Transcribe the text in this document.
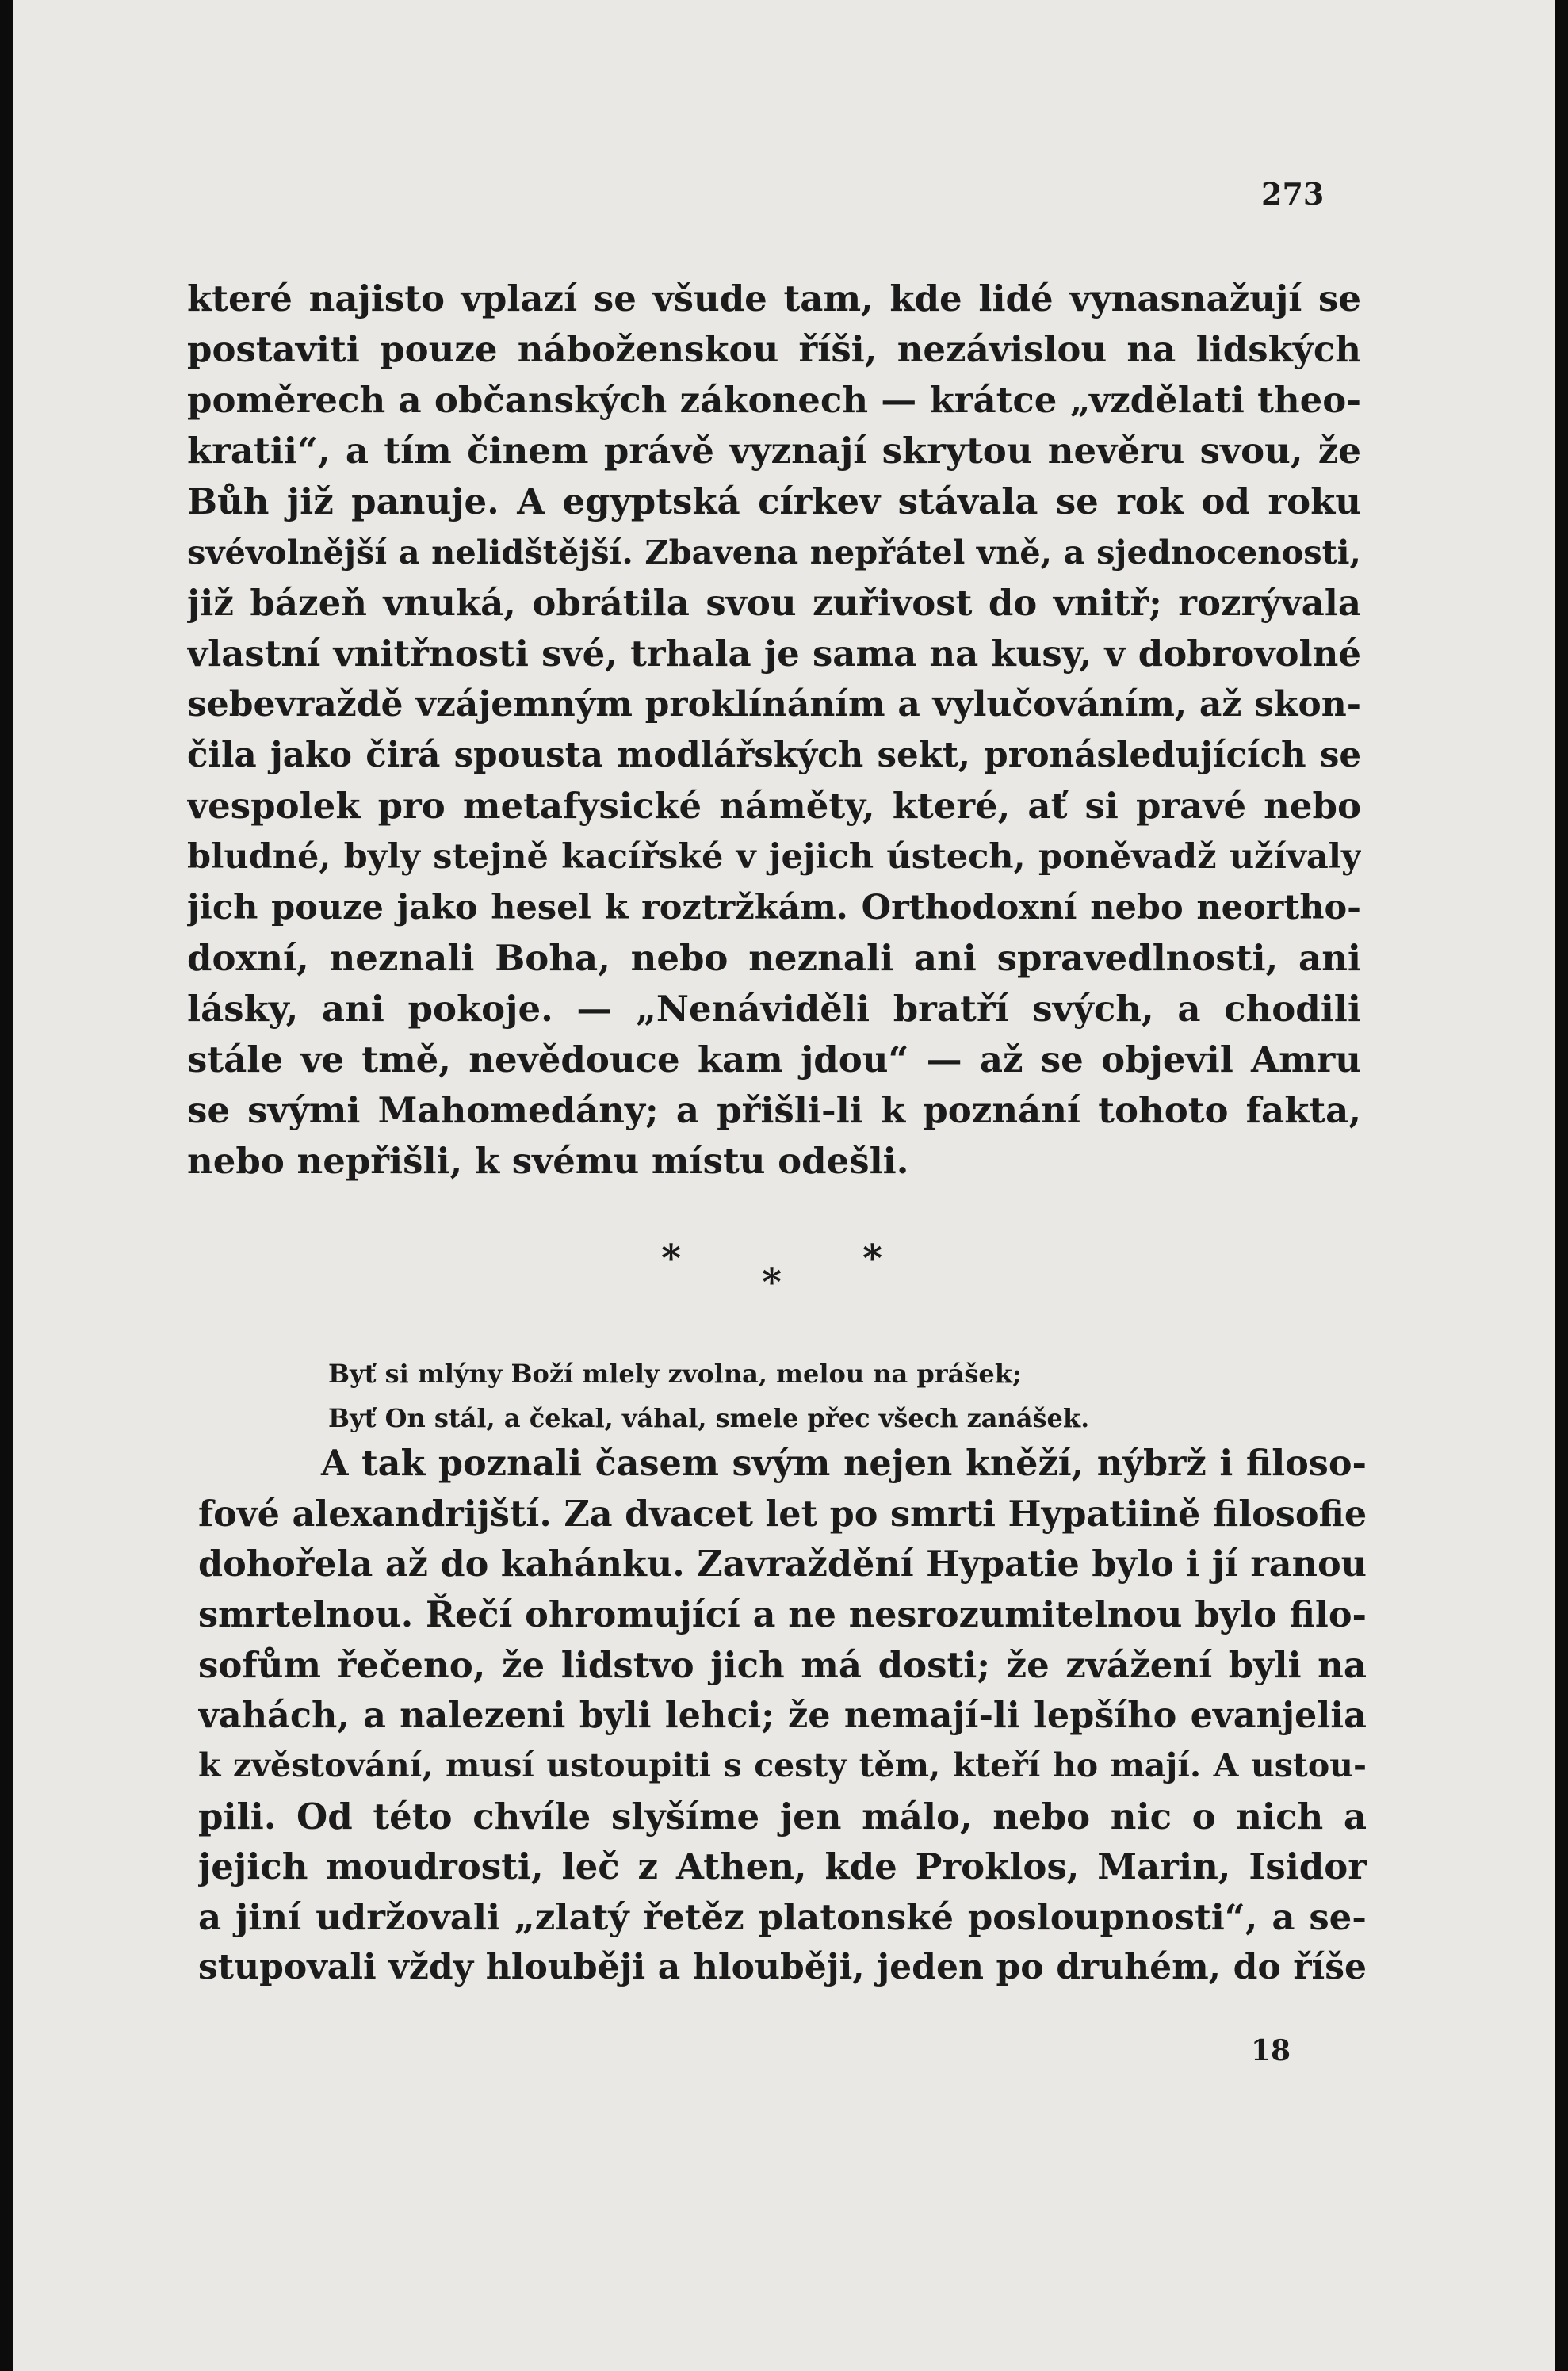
273
které najisto vplazí se všude tam, kde lidé vynasnažují se
postaviti pouze náboženskou říši, nezávislou na lidských
poměrech a občanských zákonech — krátce „vzdělati theo-
kratii“, a tím činem právě vyznají skrytou nevěru svou, že
Bůh již panuje. A egyptská církev stávala se rok od roku
svévolnější a nelidštější. Zbavena nepřátel vně, a sjednocenosti,
již bázeň vnuká, obrátila svou zuřivost do vnitř; rozrývala
vlastní vnitřnosti své, trhala je sama na kusy, v dobrovolné
sebevraždě vzájemným proklínáním a vylučováním, až skon-
čila jako čirá spousta modlářských sekt, pronásledujících se
vespolek pro metafysické náměty, které, ať si pravé nebo
bludné, byly stejně kacířské v jejich ústech, poněvadž užívaly
jich pouze jako hesel k roztržkám. Orthodoxní nebo neortho-
doxní, neznali Boha, nebo neznali ani spravedlnosti, ani
lásky, ani pokoje. — „Nenáviděli bratří svých, a chodili
stále ve tmě, nevědouce kam jdou“ — až se objevil Amru
se svými Mahomedány; a přišli-li k poznání tohoto fakta,
nebo nepřišli, k svému místu odešli.
*	*
*
Byť si mlýny Boží mlely zvolna, melou na prášek;
Byť On stál, a čekal, váhal, smele přec všech zanášek.
A tak poznali časem svým nejen kněží, nýbrž i filoso-
fové alexandrijští. Za dvacet let po smrti Hypatiině filosofie
dohořela až do kahánku. Zavraždění Hypatie bylo i jí ranou
smrtelnou. Řečí ohromující a ne nesrozumitelnou bylo filo-
sofům řečeno, že lidstvo jich má dosti; že zvážení byli na
vahách, a nalezeni byli lehci; že nemají-li lepšího evanjelia
k zvěstování, musí ustoupiti s cesty těm, kteří ho mají. A ustou-
pili. Od této chvíle slyšíme jen málo, nebo nic o nich a
jejich moudrosti, leč z Athen, kde Proklos, Marin, Isidor
a jiní udržovali „zlatý řetěz platonské posloupnosti“, a se-
stupovali vždy hlouběji a hlouběji, jeden po druhém, do říše
18
